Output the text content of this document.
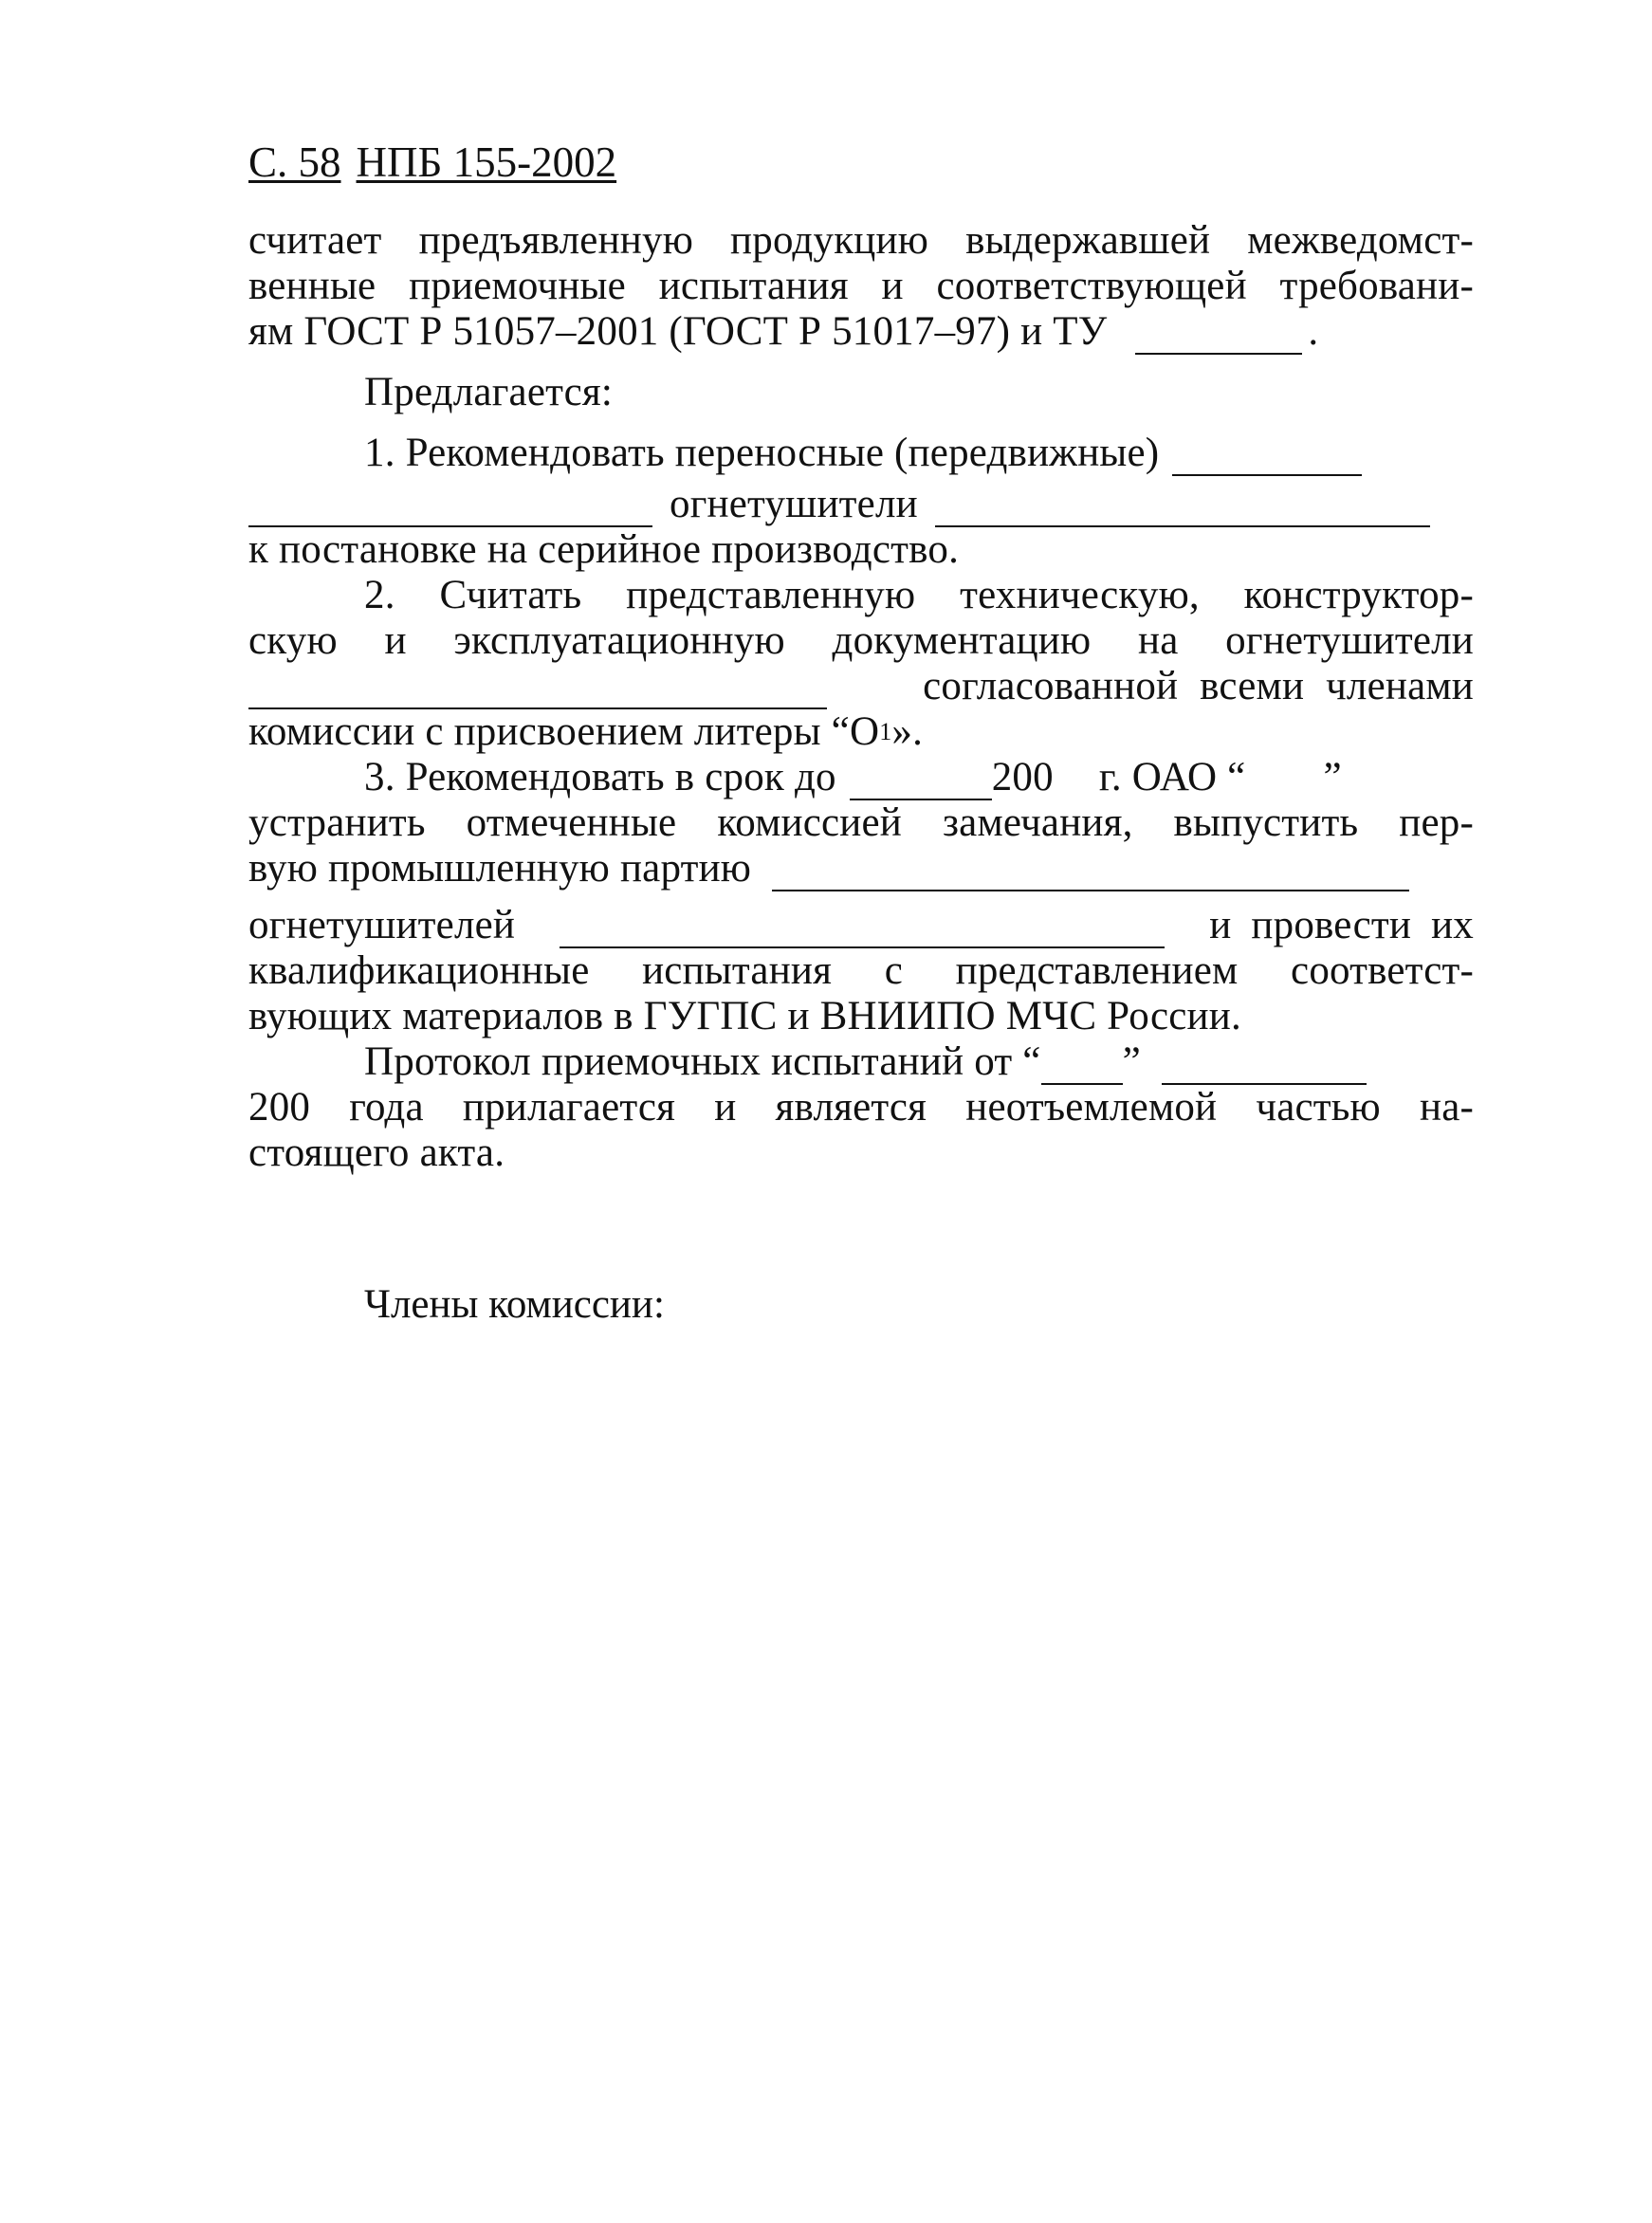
С. 58 НПБ 155-2002
считает предъявленную продукцию выдержавшей межведомст-
венные приемочные испытания и соответствующей требовани-
ям ГОСТ Р 51057–2001 (ГОСТ Р 51017–97) и ТУ	.
Предлагается:
1. Рекомендовать переносные (передвижные)
огнетушители
к постановке на серийное производство.
2. Считать представленную техническую, конструктор-
скую и эксплуатационную документацию на огнетушители
согласованной всеми членами
комиссии с присвоением литеры “О 1 ».
3. Рекомендовать в срок до	200 г. ОАО “ ”
устранить отмеченные комиссией замечания, выпустить пер-
вую промышленную партию
огнетушителей	и провести их
квалификационные испытания с представлением соответст-
вующих материалов в ГУГПС и ВНИИПО МЧС России.
Протокол приемочных испытаний от “ ”
200 года прилагается и является неотъемлемой частью на-
стоящего акта.
Члены комиссии:
